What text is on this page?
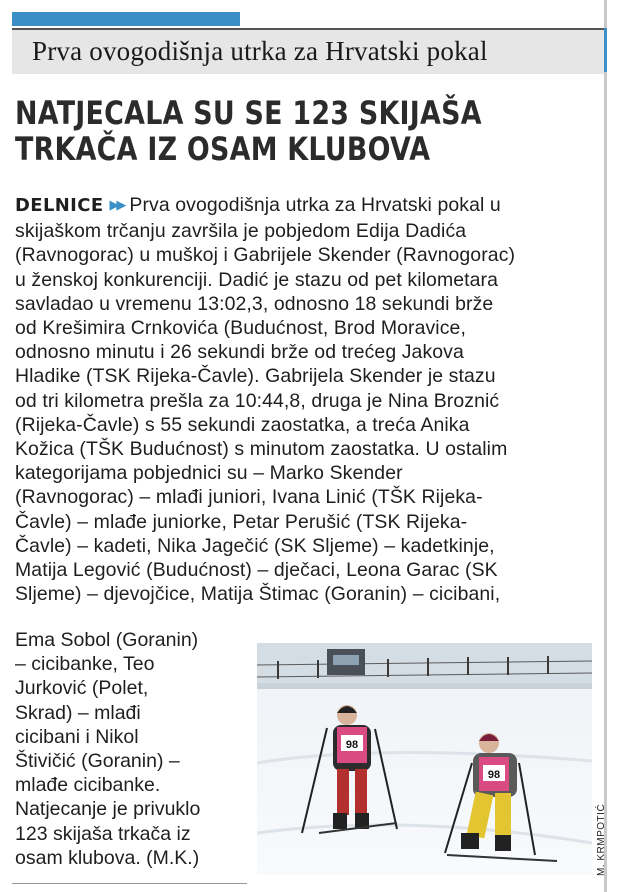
Prva ovogodišnja utrka za Hrvatski pokal
NATJECALA SU SE 123 SKIJAŠA
TRKAČA IZ OSAM KLUBOVA
DELNICE ▶▶ Prva ovogodišnja utrka za Hrvatski pokal u
skijaškom trčanju završila je pobjedom Edija Dadića
(Ravnogorac) u muškoj i Gabrijele Skender (Ravnogorac)
u ženskoj konkurenciji. Dadić je stazu od pet kilometara
savladao u vremenu 13:02,3, odnosno 18 sekundi brže
od Krešimira Crnkovića (Budućnost, Brod Moravice,
odnosno minutu i 26 sekundi brže od trećeg Jakova
Hladike (TSK Rijeka-Čavle). Gabrijela Skender je stazu
od tri kilometra prešla za 10:44,8, druga je Nina Broznić
(Rijeka-Čavle) s 55 sekundi zaostatka, a treća Anika
Kožica (TŠK Budućnost) s minutom zaostatka. U ostalim
kategorijama pobjednici su – Marko Skender
(Ravnogorac) – mlađi juniori, Ivana Linić (TŠK Rijeka-
Čavle) – mlađe juniorke, Petar Perušić (TSK Rijeka-
Čavle) – kadeti, Nika Jagečić (SK Sljeme) – kadetkinje,
Matija Legović (Budućnost) – dječaci, Leona Garac (SK
Sljeme) – djevojčice, Matija Štimac (Goranin) – cicibani,
Ema Sobol (Goranin)
– cicibanke, Teo
Jurković (Polet,
Skrad) – mlađi
cicibani i Nikol
Štivičić (Goranin) –
mlađe cicibanke.
Natjecanje je privuklo
123 skijaša trkača iz
osam klubova. (M.K.)
98
98
M. KRMPOTIĆ
